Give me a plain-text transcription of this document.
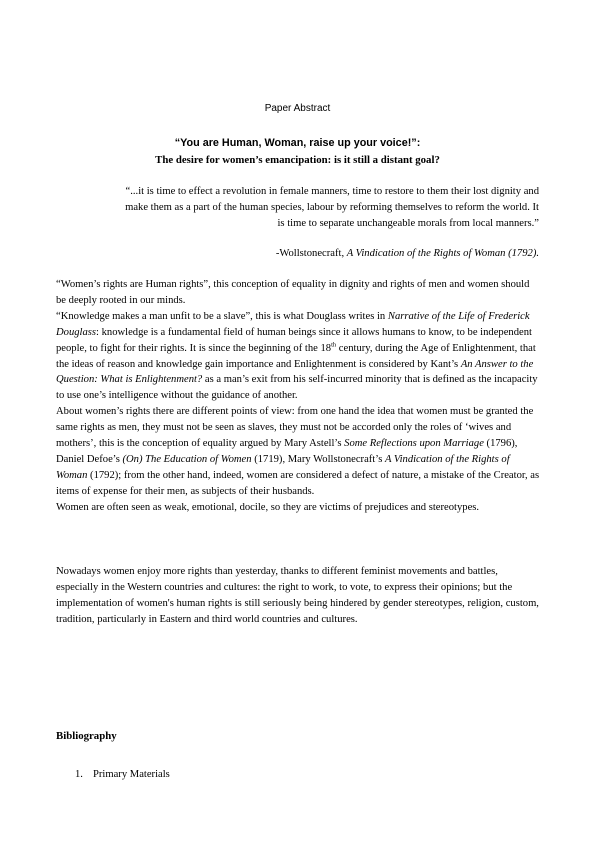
Paper Abstract
“You are Human, Woman, raise up your voice!”:
The desire for women’s emancipation: is it still a distant goal?
“...it is time to effect a revolution in female manners, time to restore to them their lost dignity and
make them as a part of the human species, labour by reforming themselves to reform the world. It
is time to separate unchangeable morals from local manners.”
-Wollstonecraft, A Vindication of the Rights of Woman (1792).

“Women’s rights are Human rights”, this conception of equality in dignity and rights of men and women should be deeply rooted in our minds.

“Knowledge makes a man unfit to be a slave”, this is what Douglass writes in Narrative of the Life of Frederick Douglass: knowledge is a fundamental field of human beings since it allows humans to know, to be independent people, to fight for their rights. It is since the beginning of the 18th century, during the Age of Enlightenment, that the ideas of reason and knowledge gain importance and Enlightenment is considered by Kant’s An Answer to the Question: What is Enlightenment? as a man’s exit from his self-incurred minority that is defined as the incapacity to use one’s intelligence without the guidance of another.

About women’s rights there are different points of view: from one hand the idea that women must be granted the same rights as men, they must not be seen as slaves, they must not be accorded only the roles of ‘wives and mothers’, this is the conception of equality argued by Mary Astell’s Some Reflections upon Marriage (1796), Daniel Defoe’s (On) The Education of Women (1719), Mary Wollstonecraft’s A Vindication of the Rights of Woman (1792); from the other hand, indeed, women are considered a defect of nature, a mistake of the Creator, as items of expense for their men, as subjects of their husbands.

Women are often seen as weak, emotional, docile, so they are victims of prejudices and stereotypes.

Nowadays women enjoy more rights than yesterday, thanks to different feminist movements and battles, especially in the Western countries and cultures: the right to work, to vote, to express their opinions; but the implementation of women's human rights is still seriously being hindered by gender stereotypes, religion, custom, tradition, particularly in Eastern and third world countries and cultures.

Bibliography
1. Primary Materials
